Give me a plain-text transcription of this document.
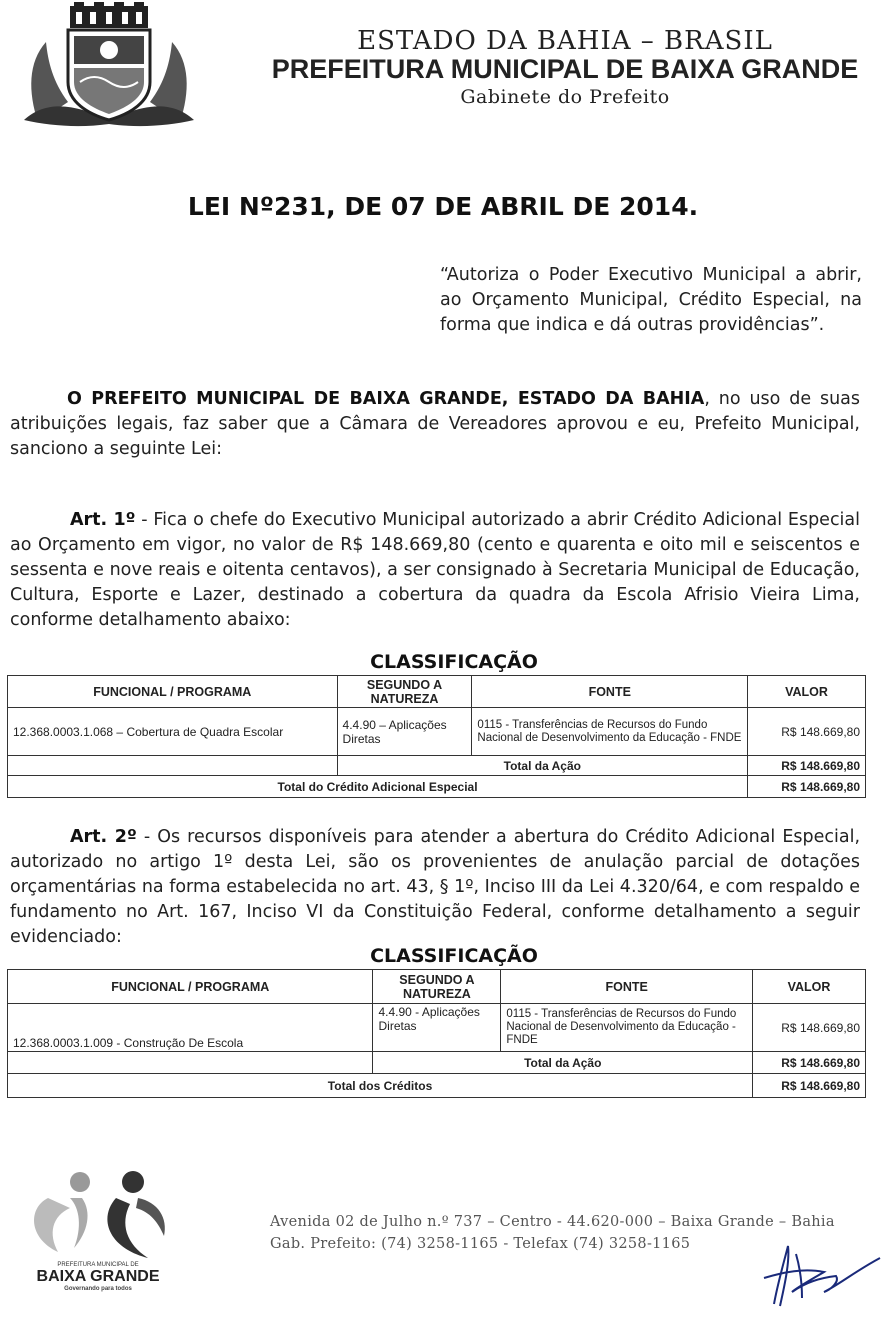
ESTADO DA BAHIA – BRASIL
PREFEITURA MUNICIPAL DE BAIXA GRANDE
Gabinete do Prefeito
LEI Nº231, DE 07 DE ABRIL DE 2014.
“Autoriza o Poder Executivo Municipal a abrir, ao Orçamento Municipal, Crédito Especial, na forma que indica e dá outras providências”.
O PREFEITO MUNICIPAL DE BAIXA GRANDE, ESTADO DA BAHIA, no uso de suas atribuições legais, faz saber que a Câmara de Vereadores aprovou e eu, Prefeito Municipal, sanciono a seguinte Lei:
Art. 1º - Fica o chefe do Executivo Municipal autorizado a abrir Crédito Adicional Especial ao Orçamento em vigor, no valor de R$ 148.669,80 (cento e quarenta e oito mil e seiscentos e sessenta e nove reais e oitenta centavos), a ser consignado à Secretaria Municipal de Educação, Cultura, Esporte e Lazer, destinado a cobertura da quadra da Escola Afrisio Vieira Lima, conforme detalhamento abaixo:
CLASSIFICAÇÃO
FUNCIONAL / PROGRAMA	SEGUNDO A NATUREZA	FONTE	VALOR
12.368.0003.1.068 – Cobertura de Quadra Escolar	4.4.90 – Aplicações Diretas	0115 - Transferências de Recursos do Fundo Nacional de Desenvolvimento da Educação - FNDE	R$ 148.669,80
	Total da Ação		R$ 148.669,80
Total do Crédito Adicional Especial			R$ 148.669,80
Art. 2º - Os recursos disponíveis para atender a abertura do Crédito Adicional Especial, autorizado no artigo 1º desta Lei, são os provenientes de anulação parcial de dotações orçamentárias na forma estabelecida no art. 43, § 1º, Inciso III da Lei 4.320/64, e com respaldo e fundamento no Art. 167, Inciso VI da Constituição Federal, conforme detalhamento a seguir evidenciado:
CLASSIFICAÇÃO
FUNCIONAL / PROGRAMA	SEGUNDO A NATUREZA	FONTE	VALOR
12.368.0003.1.009 - Construção De Escola	4.4.90 - Aplicações Diretas	0115 - Transferências de Recursos do Fundo Nacional de Desenvolvimento da Educação - FNDE	R$ 148.669,80
	Total da Ação		R$ 148.669,80
Total dos Créditos			R$ 148.669,80
PREFEITURA MUNICIPAL DE
BAIXA GRANDE
Governando para todos
Avenida 02 de Julho n.º 737 – Centro - 44.620-000 – Baixa Grande – Bahia
Gab. Prefeito: (74) 3258-1165 - Telefax (74) 3258-1165
